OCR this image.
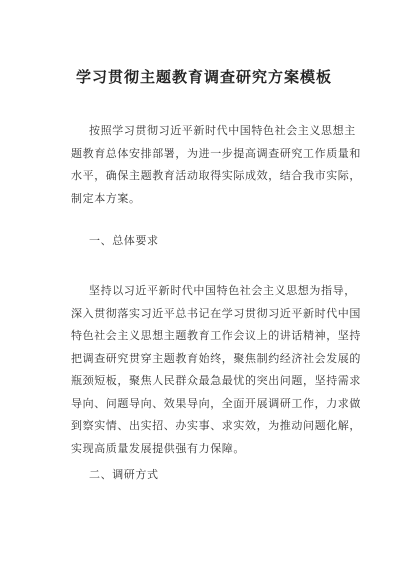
学习贯彻主题教育调查研究方案模板
按照学习贯彻习近平新时代中国特色社会主义思想主
题教育总体安排部署，为进一步提高调查研究工作质量和
水平，确保主题教育活动取得实际成效，结合我市实际，
制定本方案。
一、总体要求
坚持以习近平新时代中国特色社会主义思想为指导，
深入贯彻落实习近平总书记在学习贯彻习近平新时代中国
特色社会主义思想主题教育工作会议上的讲话精神，坚持
把调查研究贯穿主题教育始终，聚焦制约经济社会发展的
瓶颈短板，聚焦人民群众最急最忧的突出问题，坚持需求
导向、问题导向、效果导向，全面开展调研工作，力求做
到察实情、出实招、办实事、求实效，为推动问题化解，
实现高质量发展提供强有力保障。
二、调研方式
